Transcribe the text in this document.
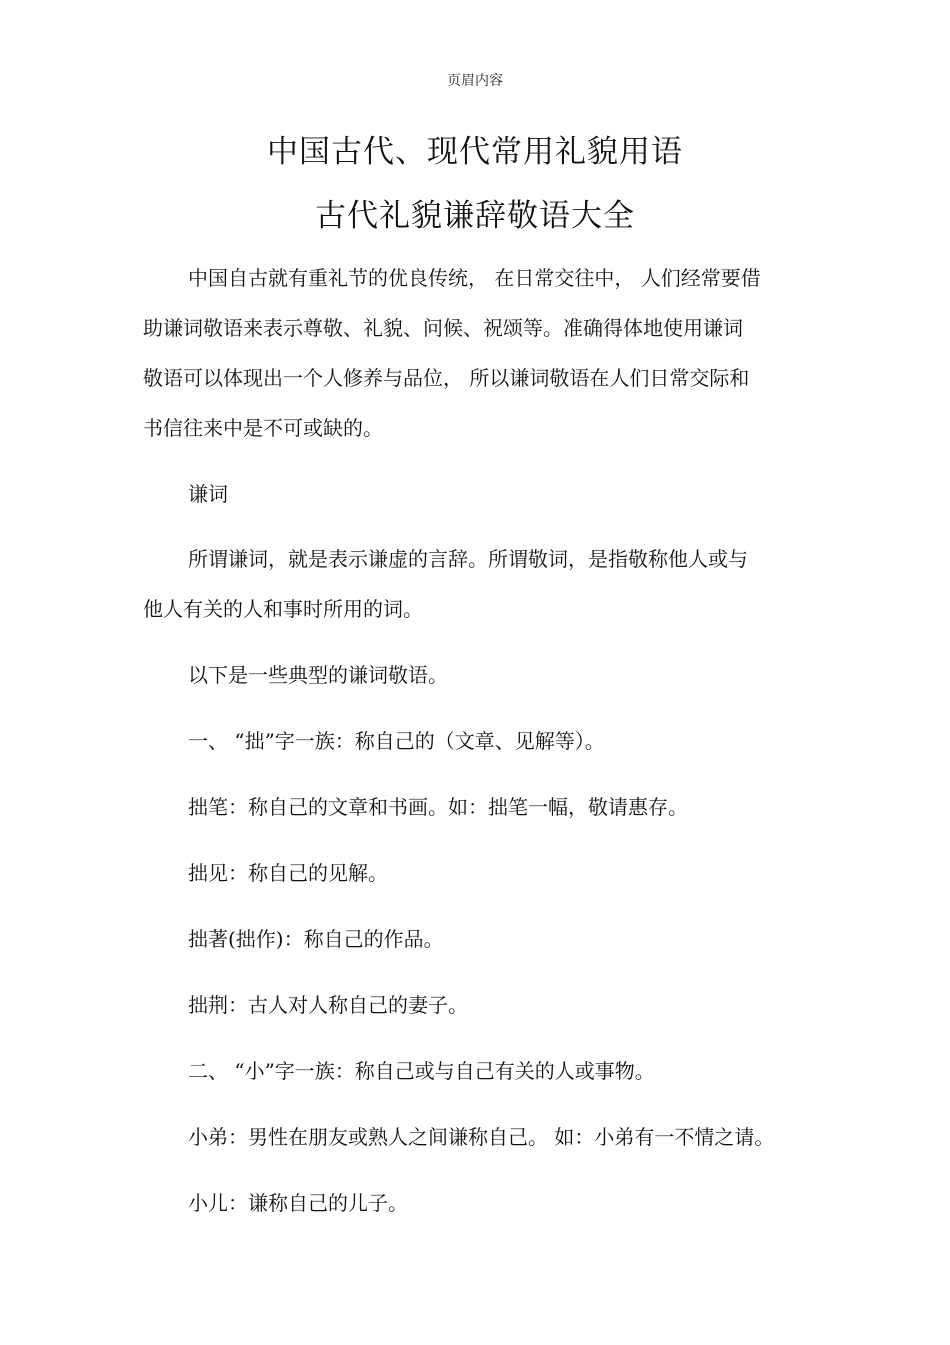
页眉内容
中国古代、现代常用礼貌用语
古代礼貌谦辞敬语大全
中国自古就有重礼节的优良传统， 在日常交往中， 人们经常要借
助谦词敬语来表示尊敬、礼貌、问候、祝颂等。准确得体地使用谦词
敬语可以体现出一个人修养与品位， 所以谦词敬语在人们日常交际和
书信往来中是不可或缺的。
谦词
所谓谦词，就是表示谦虚的言辞。所谓敬词，是指敬称他人或与
他人有关的人和事时所用的词。
以下是一些典型的谦词敬语。
一、 “拙”字一族：称自己的（文章、见解等）。
拙笔：称自己的文章和书画。如：拙笔一幅，敬请惠存。
拙见：称自己的见解。
拙著(拙作)：称自己的作品。
拙荆：古人对人称自己的妻子。
二、 “小”字一族：称自己或与自己有关的人或事物。
小弟：男性在朋友或熟人之间谦称自己。 如：小弟有一不情之请。
小儿：谦称自己的儿子。
